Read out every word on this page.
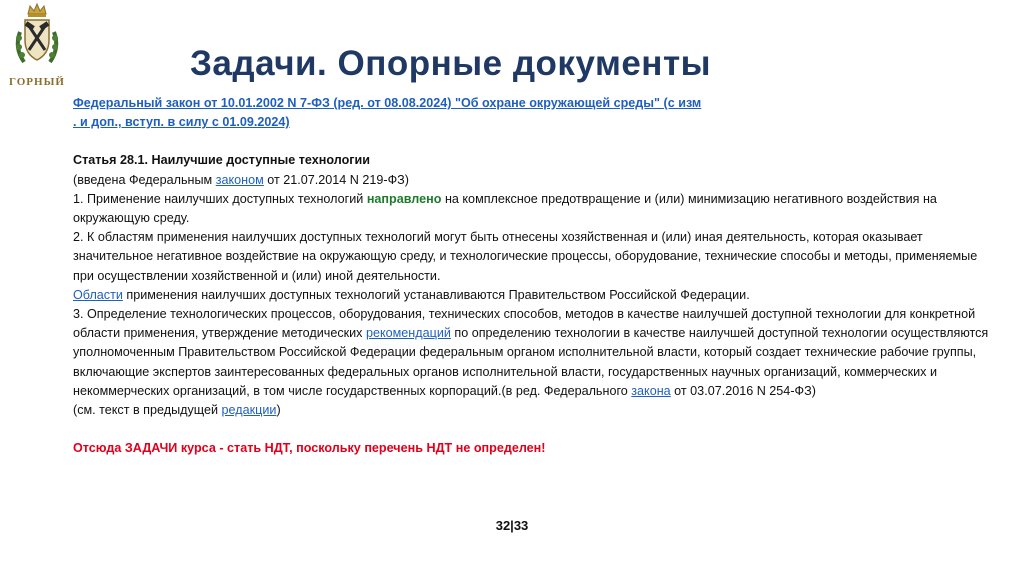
ГОРНЫЙ	Задачи. Опорные документы

Федеральный закон от 10.01.2002 N 7-ФЗ (ред. от 08.08.2024) "Об охране окружающей среды" (с изм
. и доп., вступ. в силу с 01.09.2024)

Статья 28.1. Наилучшие доступные технологии

(введена Федеральным законом от 21.07.2014 N 219-ФЗ)

1. Применение наилучших доступных технологий направлено на комплексное предотвращение и (или) минимизацию негативного воздействия на окружающую среду.

2. К областям применения наилучших доступных технологий могут быть отнесены хозяйственная и (или) иная деятельность, которая оказывает значительное негативное воздействие на окружающую среду, и технологические процессы, оборудование, технические способы и методы, применяемые при осуществлении хозяйственной и (или) иной деятельности.

Области применения наилучших доступных технологий устанавливаются Правительством Российской Федерации.

3. Определение технологических процессов, оборудования, технических способов, методов в качестве наилучшей доступной технологии для конкретной области применения, утверждение методических рекомендаций по определению технологии в качестве наилучшей доступной технологии осуществляются уполномоченным Правительством Российской Федерации федеральным органом исполнительной власти, который создает технические рабочие группы, включающие экспертов заинтересованных федеральных органов исполнительной власти, государственных научных организаций, коммерческих и некоммерческих организаций, в том числе государственных корпораций.(в ред. Федерального закона от 03.07.2016 N 254-ФЗ)

(см. текст в предыдущей редакции)

Отсюда ЗАДАЧИ курса - стать НДТ, поскольку перечень НДТ не определен!

32|33
